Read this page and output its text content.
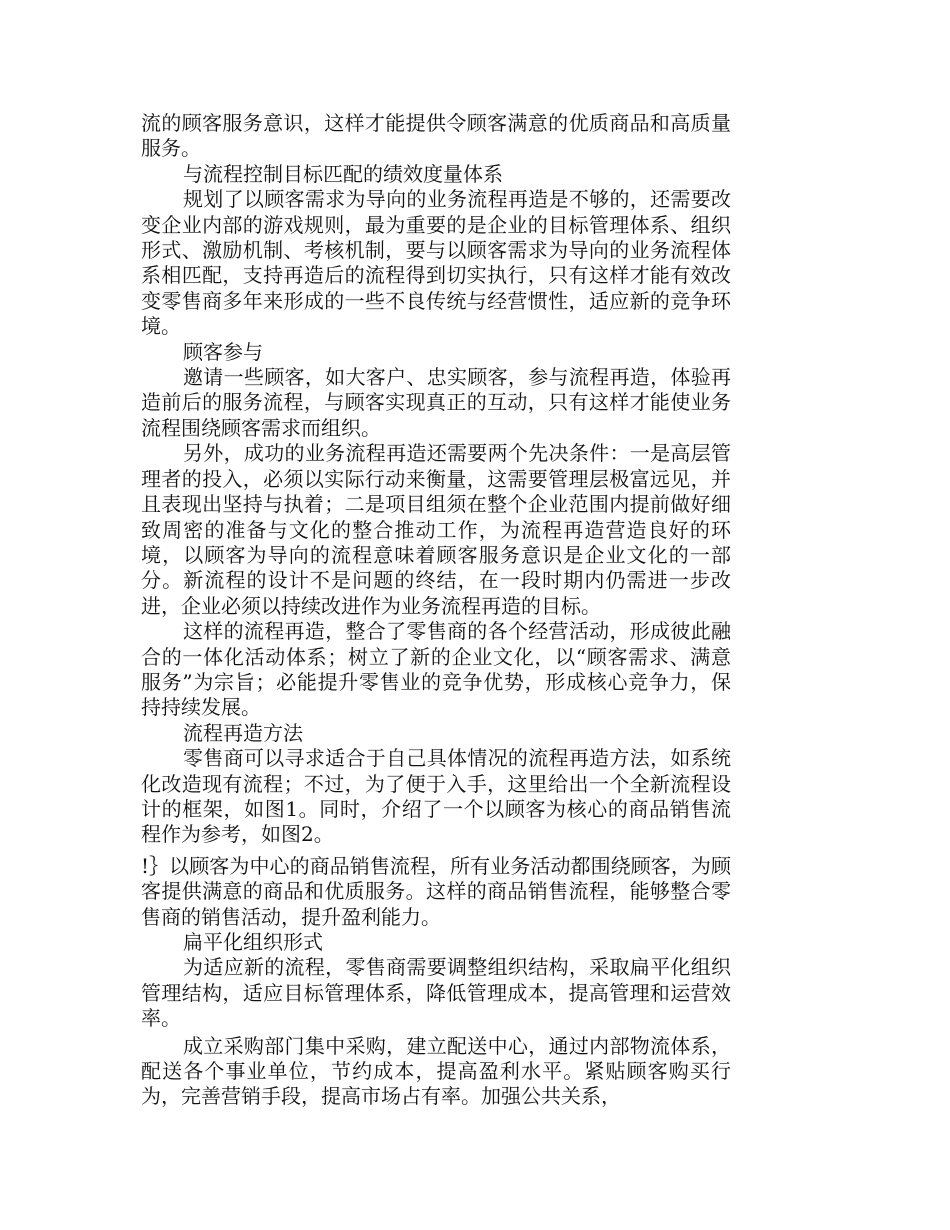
流的顾客服务意识，这样才能提供令顾客满意的优质商品和高质量服务。

与流程控制目标匹配的绩效度量体系

规划了以顾客需求为导向的业务流程再造是不够的，还需要改变企业内部的游戏规则，最为重要的是企业的目标管理体系、组织形式、激励机制、考核机制，要与以顾客需求为导向的业务流程体系相匹配，支持再造后的流程得到切实执行，只有这样才能有效改变零售商多年来形成的一些不良传统与经营惯性，适应新的竞争环境。

顾客参与

邀请一些顾客，如大客户、忠实顾客，参与流程再造，体验再造前后的服务流程，与顾客实现真正的互动，只有这样才能使业务流程围绕顾客需求而组织。

另外，成功的业务流程再造还需要两个先决条件：一是高层管理者的投入，必须以实际行动来衡量，这需要管理层极富远见，并且表现出坚持与执着；二是项目组须在整个企业范围内提前做好细致周密的准备与文化的整合推动工作，为流程再造营造良好的环境，以顾客为导向的流程意味着顾客服务意识是企业文化的一部分。新流程的设计不是问题的终结，在一段时期内仍需进一步改进，企业必须以持续改进作为业务流程再造的目标。

这样的流程再造，整合了零售商的各个经营活动，形成彼此融合的一体化活动体系；树立了新的企业文化，以“顾客需求、满意服务”为宗旨；必能提升零售业的竞争优势，形成核心竞争力，保持持续发展。

流程再造方法

零售商可以寻求适合于自己具体情况的流程再造方法，如系统化改造现有流程；不过，为了便于入手，这里给出一个全新流程设计的框架，如图1。同时，介绍了一个以顾客为核心的商品销售流程作为参考，如图2。

!｝以顾客为中心的商品销售流程，所有业务活动都围绕顾客，为顾客提供满意的商品和优质服务。这样的商品销售流程，能够整合零售商的销售活动，提升盈利能力。

扁平化组织形式

为适应新的流程，零售商需要调整组织结构，采取扁平化组织管理结构，适应目标管理体系，降低管理成本，提高管理和运营效率。

成立采购部门集中采购，建立配送中心，通过内部物流体系，配送各个事业单位，节约成本，提高盈利水平。紧贴顾客购买行为，完善营销手段，提高市场占有率。加强公共关系，
